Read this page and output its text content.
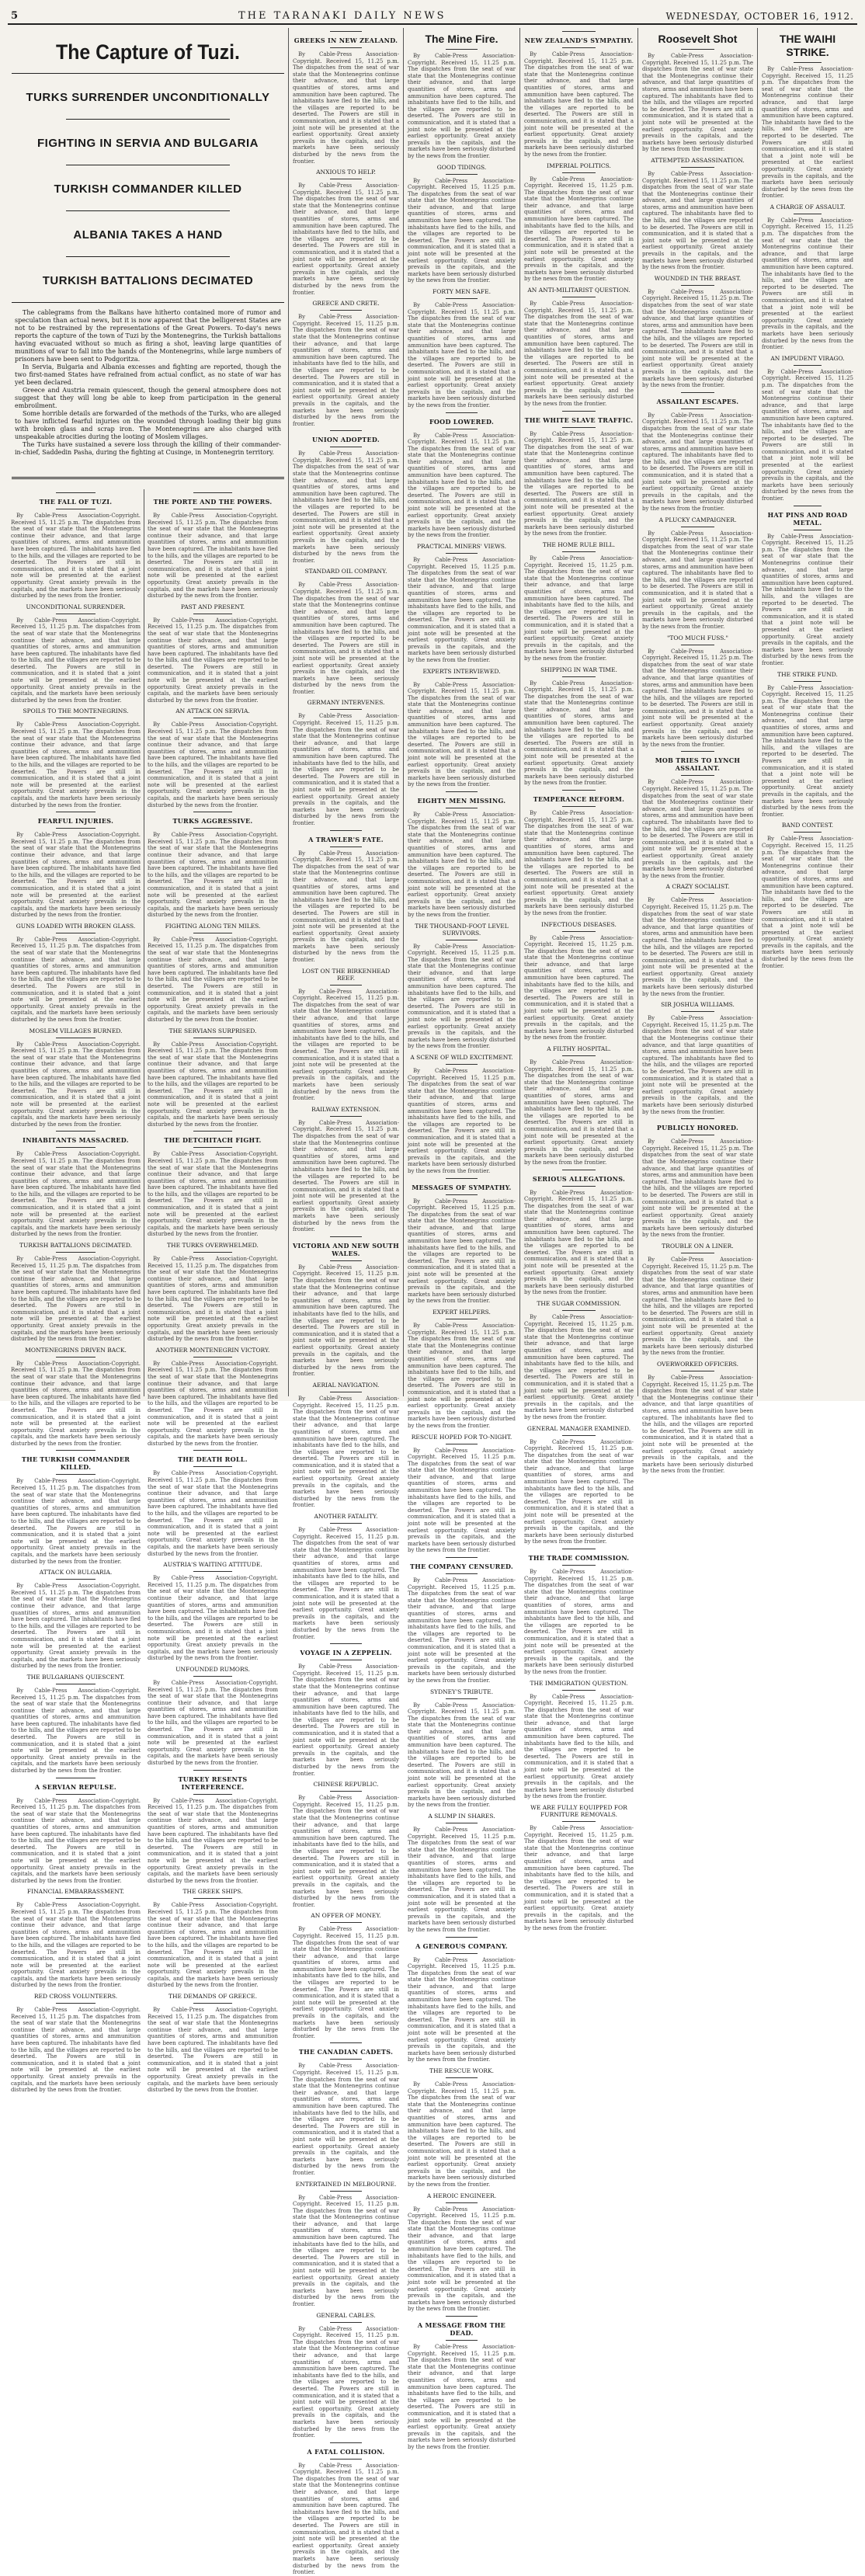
5	THE TARANAKI DAILY NEWS	WEDNESDAY, OCTOBER 16, 1912.
The Capture of Tuzi.
TURKS SURRENDER UNCONDITIONALLY
FIGHTING IN SERVIA AND BULGARIA
TURKISH COMMANDER KILLED
ALBANIA TAKES A HAND
TURKISH BATTALIONS DECIMATED

The cablegrams from the Balkans have hitherto contained more of rumor and speculation than actual news, but it is now apparent that the belligerent States are not to be restrained by the representations of the Great Powers. To-day's news reports the capture of the town of Tuzi by the Montenegrins, the Turkish battalions having evacuated without so much as firing a shot, leaving large quantities of munitions of war to fall into the hands of the Montenegrins, while large numbers of prisoners have been sent to Podgoritza.

In Servia, Bulgaria and Albania excesses and fighting are reported, though the two first-named States have refrained from actual conflict, as no state of war has yet been declared.

Greece and Austria remain quiescent, though the general atmosphere does not suggest that they will long be able to keep from participation in the general embroilment.

Some horrible details are forwarded of the methods of the Turks, who are alleged to have inflicted fearful injuries on the wounded through loading their big guns with broken glass and scrap iron. The Montenegrins are also charged with unspeakable atrocities during the looting of Moslem villages.

The Turks have sustained a severe loss through the killing of their commander-in-chief, Saddedin Pasha, during the fighting at Cusinge, in Montenegrin territory.

THE FALL OF TUZI.

By Cable-Press Association-Copyright. Received 15, 11.25 p.m. The dispatches from the seat of war state that the Montenegrins continue their advance, and that large quantities of stores, arms and ammunition have been captured. The inhabitants have fled to the hills, and the villages are reported to be deserted. The Powers are still in communication, and it is stated that a joint note will be presented at the earliest opportunity. Great anxiety prevails in the capitals, and the markets have been seriously disturbed by the news from the frontier.

UNCONDITIONAL SURRENDER.

By Cable-Press Association-Copyright. Received 15, 11.25 p.m. The dispatches from the seat of war state that the Montenegrins continue their advance, and that large quantities of stores, arms and ammunition have been captured. The inhabitants have fled to the hills, and the villages are reported to be deserted. The Powers are still in communication, and it is stated that a joint note will be presented at the earliest opportunity. Great anxiety prevails in the capitals, and the markets have been seriously disturbed by the news from the frontier.

SPOILS TO THE MONTENEGRINS.

By Cable-Press Association-Copyright. Received 15, 11.25 p.m. The dispatches from the seat of war state that the Montenegrins continue their advance, and that large quantities of stores, arms and ammunition have been captured. The inhabitants have fled to the hills, and the villages are reported to be deserted. The Powers are still in communication, and it is stated that a joint note will be presented at the earliest opportunity. Great anxiety prevails in the capitals, and the markets have been seriously disturbed by the news from the frontier.

FEARFUL INJURIES.

By Cable-Press Association-Copyright. Received 15, 11.25 p.m. The dispatches from the seat of war state that the Montenegrins continue their advance, and that large quantities of stores, arms and ammunition have been captured. The inhabitants have fled to the hills, and the villages are reported to be deserted. The Powers are still in communication, and it is stated that a joint note will be presented at the earliest opportunity. Great anxiety prevails in the capitals, and the markets have been seriously disturbed by the news from the frontier.

GUNS LOADED WITH BROKEN GLASS.

By Cable-Press Association-Copyright. Received 15, 11.25 p.m. The dispatches from the seat of war state that the Montenegrins continue their advance, and that large quantities of stores, arms and ammunition have been captured. The inhabitants have fled to the hills, and the villages are reported to be deserted. The Powers are still in communication, and it is stated that a joint note will be presented at the earliest opportunity. Great anxiety prevails in the capitals, and the markets have been seriously disturbed by the news from the frontier.

MOSLEM VILLAGES BURNED.

By Cable-Press Association-Copyright. Received 15, 11.25 p.m. The dispatches from the seat of war state that the Montenegrins continue their advance, and that large quantities of stores, arms and ammunition have been captured. The inhabitants have fled to the hills, and the villages are reported to be deserted. The Powers are still in communication, and it is stated that a joint note will be presented at the earliest opportunity. Great anxiety prevails in the capitals, and the markets have been seriously disturbed by the news from the frontier.

INHABITANTS MASSACRED.

By Cable-Press Association-Copyright. Received 15, 11.25 p.m. The dispatches from the seat of war state that the Montenegrins continue their advance, and that large quantities of stores, arms and ammunition have been captured. The inhabitants have fled to the hills, and the villages are reported to be deserted. The Powers are still in communication, and it is stated that a joint note will be presented at the earliest opportunity. Great anxiety prevails in the capitals, and the markets have been seriously disturbed by the news from the frontier.

TURKISH BATTALIONS DECIMATED.

By Cable-Press Association-Copyright. Received 15, 11.25 p.m. The dispatches from the seat of war state that the Montenegrins continue their advance, and that large quantities of stores, arms and ammunition have been captured. The inhabitants have fled to the hills, and the villages are reported to be deserted. The Powers are still in communication, and it is stated that a joint note will be presented at the earliest opportunity. Great anxiety prevails in the capitals, and the markets have been seriously disturbed by the news from the frontier.

MONTENEGRINS DRIVEN BACK.

By Cable-Press Association-Copyright. Received 15, 11.25 p.m. The dispatches from the seat of war state that the Montenegrins continue their advance, and that large quantities of stores, arms and ammunition have been captured. The inhabitants have fled to the hills, and the villages are reported to be deserted. The Powers are still in communication, and it is stated that a joint note will be presented at the earliest opportunity. Great anxiety prevails in the capitals, and the markets have been seriously disturbed by the news from the frontier.

THE TURKISH COMMANDER KILLED.

By Cable-Press Association-Copyright. Received 15, 11.25 p.m. The dispatches from the seat of war state that the Montenegrins continue their advance, and that large quantities of stores, arms and ammunition have been captured. The inhabitants have fled to the hills, and the villages are reported to be deserted. The Powers are still in communication, and it is stated that a joint note will be presented at the earliest opportunity. Great anxiety prevails in the capitals, and the markets have been seriously disturbed by the news from the frontier.

ATTACK ON BULGARIA.

By Cable-Press Association-Copyright. Received 15, 11.25 p.m. The dispatches from the seat of war state that the Montenegrins continue their advance, and that large quantities of stores, arms and ammunition have been captured. The inhabitants have fled to the hills, and the villages are reported to be deserted. The Powers are still in communication, and it is stated that a joint note will be presented at the earliest opportunity. Great anxiety prevails in the capitals, and the markets have been seriously disturbed by the news from the frontier.

THE BULGARIANS QUIESCENT.

By Cable-Press Association-Copyright. Received 15, 11.25 p.m. The dispatches from the seat of war state that the Montenegrins continue their advance, and that large quantities of stores, arms and ammunition have been captured. The inhabitants have fled to the hills, and the villages are reported to be deserted. The Powers are still in communication, and it is stated that a joint note will be presented at the earliest opportunity. Great anxiety prevails in the capitals, and the markets have been seriously disturbed by the news from the frontier.

A SERVIAN REPULSE.

By Cable-Press Association-Copyright. Received 15, 11.25 p.m. The dispatches from the seat of war state that the Montenegrins continue their advance, and that large quantities of stores, arms and ammunition have been captured. The inhabitants have fled to the hills, and the villages are reported to be deserted. The Powers are still in communication, and it is stated that a joint note will be presented at the earliest opportunity. Great anxiety prevails in the capitals, and the markets have been seriously disturbed by the news from the frontier.

FINANCIAL EMBARRASSMENT.

By Cable-Press Association-Copyright. Received 15, 11.25 p.m. The dispatches from the seat of war state that the Montenegrins continue their advance, and that large quantities of stores, arms and ammunition have been captured. The inhabitants have fled to the hills, and the villages are reported to be deserted. The Powers are still in communication, and it is stated that a joint note will be presented at the earliest opportunity. Great anxiety prevails in the capitals, and the markets have been seriously disturbed by the news from the frontier.

RED CROSS VOLUNTEERS.

By Cable-Press Association-Copyright. Received 15, 11.25 p.m. The dispatches from the seat of war state that the Montenegrins continue their advance, and that large quantities of stores, arms and ammunition have been captured. The inhabitants have fled to the hills, and the villages are reported to be deserted. The Powers are still in communication, and it is stated that a joint note will be presented at the earliest opportunity. Great anxiety prevails in the capitals, and the markets have been seriously disturbed by the news from the frontier.

THE PORTE AND THE POWERS.

By Cable-Press Association-Copyright. Received 15, 11.25 p.m. The dispatches from the seat of war state that the Montenegrins continue their advance, and that large quantities of stores, arms and ammunition have been captured. The inhabitants have fled to the hills, and the villages are reported to be deserted. The Powers are still in communication, and it is stated that a joint note will be presented at the earliest opportunity. Great anxiety prevails in the capitals, and the markets have been seriously disturbed by the news from the frontier.

PAST AND PRESENT.

By Cable-Press Association-Copyright. Received 15, 11.25 p.m. The dispatches from the seat of war state that the Montenegrins continue their advance, and that large quantities of stores, arms and ammunition have been captured. The inhabitants have fled to the hills, and the villages are reported to be deserted. The Powers are still in communication, and it is stated that a joint note will be presented at the earliest opportunity. Great anxiety prevails in the capitals, and the markets have been seriously disturbed by the news from the frontier.

AN ATTACK ON SERVIA.

By Cable-Press Association-Copyright. Received 15, 11.25 p.m. The dispatches from the seat of war state that the Montenegrins continue their advance, and that large quantities of stores, arms and ammunition have been captured. The inhabitants have fled to the hills, and the villages are reported to be deserted. The Powers are still in communication, and it is stated that a joint note will be presented at the earliest opportunity. Great anxiety prevails in the capitals, and the markets have been seriously disturbed by the news from the frontier.

TURKS AGGRESSIVE.

By Cable-Press Association-Copyright. Received 15, 11.25 p.m. The dispatches from the seat of war state that the Montenegrins continue their advance, and that large quantities of stores, arms and ammunition have been captured. The inhabitants have fled to the hills, and the villages are reported to be deserted. The Powers are still in communication, and it is stated that a joint note will be presented at the earliest opportunity. Great anxiety prevails in the capitals, and the markets have been seriously disturbed by the news from the frontier.

FIGHTING ALONG TEN MILES.

By Cable-Press Association-Copyright. Received 15, 11.25 p.m. The dispatches from the seat of war state that the Montenegrins continue their advance, and that large quantities of stores, arms and ammunition have been captured. The inhabitants have fled to the hills, and the villages are reported to be deserted. The Powers are still in communication, and it is stated that a joint note will be presented at the earliest opportunity. Great anxiety prevails in the capitals, and the markets have been seriously disturbed by the news from the frontier.

THE SERVIANS SURPRISED.

By Cable-Press Association-Copyright. Received 15, 11.25 p.m. The dispatches from the seat of war state that the Montenegrins continue their advance, and that large quantities of stores, arms and ammunition have been captured. The inhabitants have fled to the hills, and the villages are reported to be deserted. The Powers are still in communication, and it is stated that a joint note will be presented at the earliest opportunity. Great anxiety prevails in the capitals, and the markets have been seriously disturbed by the news from the frontier.

THE DETCHITACH FIGHT.

By Cable-Press Association-Copyright. Received 15, 11.25 p.m. The dispatches from the seat of war state that the Montenegrins continue their advance, and that large quantities of stores, arms and ammunition have been captured. The inhabitants have fled to the hills, and the villages are reported to be deserted. The Powers are still in communication, and it is stated that a joint note will be presented at the earliest opportunity. Great anxiety prevails in the capitals, and the markets have been seriously disturbed by the news from the frontier.

THE TURKS OVERWHELMED.

By Cable-Press Association-Copyright. Received 15, 11.25 p.m. The dispatches from the seat of war state that the Montenegrins continue their advance, and that large quantities of stores, arms and ammunition have been captured. The inhabitants have fled to the hills, and the villages are reported to be deserted. The Powers are still in communication, and it is stated that a joint note will be presented at the earliest opportunity. Great anxiety prevails in the capitals, and the markets have been seriously disturbed by the news from the frontier.

ANOTHER MONTENEGRIN VICTORY.

By Cable-Press Association-Copyright. Received 15, 11.25 p.m. The dispatches from the seat of war state that the Montenegrins continue their advance, and that large quantities of stores, arms and ammunition have been captured. The inhabitants have fled to the hills, and the villages are reported to be deserted. The Powers are still in communication, and it is stated that a joint note will be presented at the earliest opportunity. Great anxiety prevails in the capitals, and the markets have been seriously disturbed by the news from the frontier.

THE DEATH ROLL.

By Cable-Press Association-Copyright. Received 15, 11.25 p.m. The dispatches from the seat of war state that the Montenegrins continue their advance, and that large quantities of stores, arms and ammunition have been captured. The inhabitants have fled to the hills, and the villages are reported to be deserted. The Powers are still in communication, and it is stated that a joint note will be presented at the earliest opportunity. Great anxiety prevails in the capitals, and the markets have been seriously disturbed by the news from the frontier.

AUSTRIA'S WAITING ATTITUDE.

By Cable-Press Association-Copyright. Received 15, 11.25 p.m. The dispatches from the seat of war state that the Montenegrins continue their advance, and that large quantities of stores, arms and ammunition have been captured. The inhabitants have fled to the hills, and the villages are reported to be deserted. The Powers are still in communication, and it is stated that a joint note will be presented at the earliest opportunity. Great anxiety prevails in the capitals, and the markets have been seriously disturbed by the news from the frontier.

UNFOUNDED RUMORS.

By Cable-Press Association-Copyright. Received 15, 11.25 p.m. The dispatches from the seat of war state that the Montenegrins continue their advance, and that large quantities of stores, arms and ammunition have been captured. The inhabitants have fled to the hills, and the villages are reported to be deserted. The Powers are still in communication, and it is stated that a joint note will be presented at the earliest opportunity. Great anxiety prevails in the capitals, and the markets have been seriously disturbed by the news from the frontier.

TURKEY RESENTS INTERFERENCE.

By Cable-Press Association-Copyright. Received 15, 11.25 p.m. The dispatches from the seat of war state that the Montenegrins continue their advance, and that large quantities of stores, arms and ammunition have been captured. The inhabitants have fled to the hills, and the villages are reported to be deserted. The Powers are still in communication, and it is stated that a joint note will be presented at the earliest opportunity. Great anxiety prevails in the capitals, and the markets have been seriously disturbed by the news from the frontier.

THE GREEK SHIPS.

By Cable-Press Association-Copyright. Received 15, 11.25 p.m. The dispatches from the seat of war state that the Montenegrins continue their advance, and that large quantities of stores, arms and ammunition have been captured. The inhabitants have fled to the hills, and the villages are reported to be deserted. The Powers are still in communication, and it is stated that a joint note will be presented at the earliest opportunity. Great anxiety prevails in the capitals, and the markets have been seriously disturbed by the news from the frontier.

THE DEMANDS OF GREECE.

By Cable-Press Association-Copyright. Received 15, 11.25 p.m. The dispatches from the seat of war state that the Montenegrins continue their advance, and that large quantities of stores, arms and ammunition have been captured. The inhabitants have fled to the hills, and the villages are reported to be deserted. The Powers are still in communication, and it is stated that a joint note will be presented at the earliest opportunity. Great anxiety prevails in the capitals, and the markets have been seriously disturbed by the news from the frontier.

GREEKS IN NEW ZEALAND.

By Cable-Press Association-Copyright. Received 15, 11.25 p.m. The dispatches from the seat of war state that the Montenegrins continue their advance, and that large quantities of stores, arms and ammunition have been captured. The inhabitants have fled to the hills, and the villages are reported to be deserted. The Powers are still in communication, and it is stated that a joint note will be presented at the earliest opportunity. Great anxiety prevails in the capitals, and the markets have been seriously disturbed by the news from the frontier.

ANXIOUS TO HELP.

By Cable-Press Association-Copyright. Received 15, 11.25 p.m. The dispatches from the seat of war state that the Montenegrins continue their advance, and that large quantities of stores, arms and ammunition have been captured. The inhabitants have fled to the hills, and the villages are reported to be deserted. The Powers are still in communication, and it is stated that a joint note will be presented at the earliest opportunity. Great anxiety prevails in the capitals, and the markets have been seriously disturbed by the news from the frontier.

GREECE AND CRETE.

By Cable-Press Association-Copyright. Received 15, 11.25 p.m. The dispatches from the seat of war state that the Montenegrins continue their advance, and that large quantities of stores, arms and ammunition have been captured. The inhabitants have fled to the hills, and the villages are reported to be deserted. The Powers are still in communication, and it is stated that a joint note will be presented at the earliest opportunity. Great anxiety prevails in the capitals, and the markets have been seriously disturbed by the news from the frontier.

UNION ADOPTED.

By Cable-Press Association-Copyright. Received 15, 11.25 p.m. The dispatches from the seat of war state that the Montenegrins continue their advance, and that large quantities of stores, arms and ammunition have been captured. The inhabitants have fled to the hills, and the villages are reported to be deserted. The Powers are still in communication, and it is stated that a joint note will be presented at the earliest opportunity. Great anxiety prevails in the capitals, and the markets have been seriously disturbed by the news from the frontier.

STANDARD OIL COMPANY.

By Cable-Press Association-Copyright. Received 15, 11.25 p.m. The dispatches from the seat of war state that the Montenegrins continue their advance, and that large quantities of stores, arms and ammunition have been captured. The inhabitants have fled to the hills, and the villages are reported to be deserted. The Powers are still in communication, and it is stated that a joint note will be presented at the earliest opportunity. Great anxiety prevails in the capitals, and the markets have been seriously disturbed by the news from the frontier.

GERMANY INTERVENES.

By Cable-Press Association-Copyright. Received 15, 11.25 p.m. The dispatches from the seat of war state that the Montenegrins continue their advance, and that large quantities of stores, arms and ammunition have been captured. The inhabitants have fled to the hills, and the villages are reported to be deserted. The Powers are still in communication, and it is stated that a joint note will be presented at the earliest opportunity. Great anxiety prevails in the capitals, and the markets have been seriously disturbed by the news from the frontier.

A TRAWLER'S FATE.

By Cable-Press Association-Copyright. Received 15, 11.25 p.m. The dispatches from the seat of war state that the Montenegrins continue their advance, and that large quantities of stores, arms and ammunition have been captured. The inhabitants have fled to the hills, and the villages are reported to be deserted. The Powers are still in communication, and it is stated that a joint note will be presented at the earliest opportunity. Great anxiety prevails in the capitals, and the markets have been seriously disturbed by the news from the frontier.

LOST ON THE BIRKENHEAD REEF.

By Cable-Press Association-Copyright. Received 15, 11.25 p.m. The dispatches from the seat of war state that the Montenegrins continue their advance, and that large quantities of stores, arms and ammunition have been captured. The inhabitants have fled to the hills, and the villages are reported to be deserted. The Powers are still in communication, and it is stated that a joint note will be presented at the earliest opportunity. Great anxiety prevails in the capitals, and the markets have been seriously disturbed by the news from the frontier.

RAILWAY EXTENSION.

By Cable-Press Association-Copyright. Received 15, 11.25 p.m. The dispatches from the seat of war state that the Montenegrins continue their advance, and that large quantities of stores, arms and ammunition have been captured. The inhabitants have fled to the hills, and the villages are reported to be deserted. The Powers are still in communication, and it is stated that a joint note will be presented at the earliest opportunity. Great anxiety prevails in the capitals, and the markets have been seriously disturbed by the news from the frontier.

VICTORIA AND NEW SOUTH WALES.

By Cable-Press Association-Copyright. Received 15, 11.25 p.m. The dispatches from the seat of war state that the Montenegrins continue their advance, and that large quantities of stores, arms and ammunition have been captured. The inhabitants have fled to the hills, and the villages are reported to be deserted. The Powers are still in communication, and it is stated that a joint note will be presented at the earliest opportunity. Great anxiety prevails in the capitals, and the markets have been seriously disturbed by the news from the frontier.

AERIAL NAVIGATION.

By Cable-Press Association-Copyright. Received 15, 11.25 p.m. The dispatches from the seat of war state that the Montenegrins continue their advance, and that large quantities of stores, arms and ammunition have been captured. The inhabitants have fled to the hills, and the villages are reported to be deserted. The Powers are still in communication, and it is stated that a joint note will be presented at the earliest opportunity. Great anxiety prevails in the capitals, and the markets have been seriously disturbed by the news from the frontier.

ANOTHER FATALITY.

By Cable-Press Association-Copyright. Received 15, 11.25 p.m. The dispatches from the seat of war state that the Montenegrins continue their advance, and that large quantities of stores, arms and ammunition have been captured. The inhabitants have fled to the hills, and the villages are reported to be deserted. The Powers are still in communication, and it is stated that a joint note will be presented at the earliest opportunity. Great anxiety prevails in the capitals, and the markets have been seriously disturbed by the news from the frontier.

VOYAGE IN A ZEPPELIN.

By Cable-Press Association-Copyright. Received 15, 11.25 p.m. The dispatches from the seat of war state that the Montenegrins continue their advance, and that large quantities of stores, arms and ammunition have been captured. The inhabitants have fled to the hills, and the villages are reported to be deserted. The Powers are still in communication, and it is stated that a joint note will be presented at the earliest opportunity. Great anxiety prevails in the capitals, and the markets have been seriously disturbed by the news from the frontier.

CHINESE REPUBLIC.

By Cable-Press Association-Copyright. Received 15, 11.25 p.m. The dispatches from the seat of war state that the Montenegrins continue their advance, and that large quantities of stores, arms and ammunition have been captured. The inhabitants have fled to the hills, and the villages are reported to be deserted. The Powers are still in communication, and it is stated that a joint note will be presented at the earliest opportunity. Great anxiety prevails in the capitals, and the markets have been seriously disturbed by the news from the frontier.

AN OFFER OF MONEY.

By Cable-Press Association-Copyright. Received 15, 11.25 p.m. The dispatches from the seat of war state that the Montenegrins continue their advance, and that large quantities of stores, arms and ammunition have been captured. The inhabitants have fled to the hills, and the villages are reported to be deserted. The Powers are still in communication, and it is stated that a joint note will be presented at the earliest opportunity. Great anxiety prevails in the capitals, and the markets have been seriously disturbed by the news from the frontier.

THE CANADIAN CADETS.

By Cable-Press Association-Copyright. Received 15, 11.25 p.m. The dispatches from the seat of war state that the Montenegrins continue their advance, and that large quantities of stores, arms and ammunition have been captured. The inhabitants have fled to the hills, and the villages are reported to be deserted. The Powers are still in communication, and it is stated that a joint note will be presented at the earliest opportunity. Great anxiety prevails in the capitals, and the markets have been seriously disturbed by the news from the frontier.

ENTERTAINED IN MELBOURNE.

By Cable-Press Association-Copyright. Received 15, 11.25 p.m. The dispatches from the seat of war state that the Montenegrins continue their advance, and that large quantities of stores, arms and ammunition have been captured. The inhabitants have fled to the hills, and the villages are reported to be deserted. The Powers are still in communication, and it is stated that a joint note will be presented at the earliest opportunity. Great anxiety prevails in the capitals, and the markets have been seriously disturbed by the news from the frontier.

GENERAL CABLES.

By Cable-Press Association-Copyright. Received 15, 11.25 p.m. The dispatches from the seat of war state that the Montenegrins continue their advance, and that large quantities of stores, arms and ammunition have been captured. The inhabitants have fled to the hills, and the villages are reported to be deserted. The Powers are still in communication, and it is stated that a joint note will be presented at the earliest opportunity. Great anxiety prevails in the capitals, and the markets have been seriously disturbed by the news from the frontier.

A FATAL COLLISION.

By Cable-Press Association-Copyright. Received 15, 11.25 p.m. The dispatches from the seat of war state that the Montenegrins continue their advance, and that large quantities of stores, arms and ammunition have been captured. The inhabitants have fled to the hills, and the villages are reported to be deserted. The Powers are still in communication, and it is stated that a joint note will be presented at the earliest opportunity. Great anxiety prevails in the capitals, and the markets have been seriously disturbed by the news from the frontier.

The Mine Fire.

By Cable-Press Association-Copyright. Received 15, 11.25 p.m. The dispatches from the seat of war state that the Montenegrins continue their advance, and that large quantities of stores, arms and ammunition have been captured. The inhabitants have fled to the hills, and the villages are reported to be deserted. The Powers are still in communication, and it is stated that a joint note will be presented at the earliest opportunity. Great anxiety prevails in the capitals, and the markets have been seriously disturbed by the news from the frontier.

GOOD TIDINGS.

By Cable-Press Association-Copyright. Received 15, 11.25 p.m. The dispatches from the seat of war state that the Montenegrins continue their advance, and that large quantities of stores, arms and ammunition have been captured. The inhabitants have fled to the hills, and the villages are reported to be deserted. The Powers are still in communication, and it is stated that a joint note will be presented at the earliest opportunity. Great anxiety prevails in the capitals, and the markets have been seriously disturbed by the news from the frontier.

FORTY MEN SAFE.

By Cable-Press Association-Copyright. Received 15, 11.25 p.m. The dispatches from the seat of war state that the Montenegrins continue their advance, and that large quantities of stores, arms and ammunition have been captured. The inhabitants have fled to the hills, and the villages are reported to be deserted. The Powers are still in communication, and it is stated that a joint note will be presented at the earliest opportunity. Great anxiety prevails in the capitals, and the markets have been seriously disturbed by the news from the frontier.

FOOD LOWERED.

By Cable-Press Association-Copyright. Received 15, 11.25 p.m. The dispatches from the seat of war state that the Montenegrins continue their advance, and that large quantities of stores, arms and ammunition have been captured. The inhabitants have fled to the hills, and the villages are reported to be deserted. The Powers are still in communication, and it is stated that a joint note will be presented at the earliest opportunity. Great anxiety prevails in the capitals, and the markets have been seriously disturbed by the news from the frontier.

PRACTICAL MINERS' VIEWS.

By Cable-Press Association-Copyright. Received 15, 11.25 p.m. The dispatches from the seat of war state that the Montenegrins continue their advance, and that large quantities of stores, arms and ammunition have been captured. The inhabitants have fled to the hills, and the villages are reported to be deserted. The Powers are still in communication, and it is stated that a joint note will be presented at the earliest opportunity. Great anxiety prevails in the capitals, and the markets have been seriously disturbed by the news from the frontier.

EXPERTS INTERVIEWED.

By Cable-Press Association-Copyright. Received 15, 11.25 p.m. The dispatches from the seat of war state that the Montenegrins continue their advance, and that large quantities of stores, arms and ammunition have been captured. The inhabitants have fled to the hills, and the villages are reported to be deserted. The Powers are still in communication, and it is stated that a joint note will be presented at the earliest opportunity. Great anxiety prevails in the capitals, and the markets have been seriously disturbed by the news from the frontier.

EIGHTY MEN MISSING.

By Cable-Press Association-Copyright. Received 15, 11.25 p.m. The dispatches from the seat of war state that the Montenegrins continue their advance, and that large quantities of stores, arms and ammunition have been captured. The inhabitants have fled to the hills, and the villages are reported to be deserted. The Powers are still in communication, and it is stated that a joint note will be presented at the earliest opportunity. Great anxiety prevails in the capitals, and the markets have been seriously disturbed by the news from the frontier.

THE THOUSAND-FOOT LEVEL SURVIVORS.

By Cable-Press Association-Copyright. Received 15, 11.25 p.m. The dispatches from the seat of war state that the Montenegrins continue their advance, and that large quantities of stores, arms and ammunition have been captured. The inhabitants have fled to the hills, and the villages are reported to be deserted. The Powers are still in communication, and it is stated that a joint note will be presented at the earliest opportunity. Great anxiety prevails in the capitals, and the markets have been seriously disturbed by the news from the frontier.

A SCENE OF WILD EXCITEMENT.

By Cable-Press Association-Copyright. Received 15, 11.25 p.m. The dispatches from the seat of war state that the Montenegrins continue their advance, and that large quantities of stores, arms and ammunition have been captured. The inhabitants have fled to the hills, and the villages are reported to be deserted. The Powers are still in communication, and it is stated that a joint note will be presented at the earliest opportunity. Great anxiety prevails in the capitals, and the markets have been seriously disturbed by the news from the frontier.

MESSAGES OF SYMPATHY.

By Cable-Press Association-Copyright. Received 15, 11.25 p.m. The dispatches from the seat of war state that the Montenegrins continue their advance, and that large quantities of stores, arms and ammunition have been captured. The inhabitants have fled to the hills, and the villages are reported to be deserted. The Powers are still in communication, and it is stated that a joint note will be presented at the earliest opportunity. Great anxiety prevails in the capitals, and the markets have been seriously disturbed by the news from the frontier.

EXPERT HELPERS.

By Cable-Press Association-Copyright. Received 15, 11.25 p.m. The dispatches from the seat of war state that the Montenegrins continue their advance, and that large quantities of stores, arms and ammunition have been captured. The inhabitants have fled to the hills, and the villages are reported to be deserted. The Powers are still in communication, and it is stated that a joint note will be presented at the earliest opportunity. Great anxiety prevails in the capitals, and the markets have been seriously disturbed by the news from the frontier.

RESCUE HOPED FOR TO-NIGHT.

By Cable-Press Association-Copyright. Received 15, 11.25 p.m. The dispatches from the seat of war state that the Montenegrins continue their advance, and that large quantities of stores, arms and ammunition have been captured. The inhabitants have fled to the hills, and the villages are reported to be deserted. The Powers are still in communication, and it is stated that a joint note will be presented at the earliest opportunity. Great anxiety prevails in the capitals, and the markets have been seriously disturbed by the news from the frontier.

THE COMPANY CENSURED.

By Cable-Press Association-Copyright. Received 15, 11.25 p.m. The dispatches from the seat of war state that the Montenegrins continue their advance, and that large quantities of stores, arms and ammunition have been captured. The inhabitants have fled to the hills, and the villages are reported to be deserted. The Powers are still in communication, and it is stated that a joint note will be presented at the earliest opportunity. Great anxiety prevails in the capitals, and the markets have been seriously disturbed by the news from the frontier.

SYDNEY'S TRIBUTE.

By Cable-Press Association-Copyright. Received 15, 11.25 p.m. The dispatches from the seat of war state that the Montenegrins continue their advance, and that large quantities of stores, arms and ammunition have been captured. The inhabitants have fled to the hills, and the villages are reported to be deserted. The Powers are still in communication, and it is stated that a joint note will be presented at the earliest opportunity. Great anxiety prevails in the capitals, and the markets have been seriously disturbed by the news from the frontier.

A SLUMP IN SHARES.

By Cable-Press Association-Copyright. Received 15, 11.25 p.m. The dispatches from the seat of war state that the Montenegrins continue their advance, and that large quantities of stores, arms and ammunition have been captured. The inhabitants have fled to the hills, and the villages are reported to be deserted. The Powers are still in communication, and it is stated that a joint note will be presented at the earliest opportunity. Great anxiety prevails in the capitals, and the markets have been seriously disturbed by the news from the frontier.

A GENEROUS COMPANY.

By Cable-Press Association-Copyright. Received 15, 11.25 p.m. The dispatches from the seat of war state that the Montenegrins continue their advance, and that large quantities of stores, arms and ammunition have been captured. The inhabitants have fled to the hills, and the villages are reported to be deserted. The Powers are still in communication, and it is stated that a joint note will be presented at the earliest opportunity. Great anxiety prevails in the capitals, and the markets have been seriously disturbed by the news from the frontier.

THE RESCUE WORK.

By Cable-Press Association-Copyright. Received 15, 11.25 p.m. The dispatches from the seat of war state that the Montenegrins continue their advance, and that large quantities of stores, arms and ammunition have been captured. The inhabitants have fled to the hills, and the villages are reported to be deserted. The Powers are still in communication, and it is stated that a joint note will be presented at the earliest opportunity. Great anxiety prevails in the capitals, and the markets have been seriously disturbed by the news from the frontier.

A HEROIC ENGINEER.

By Cable-Press Association-Copyright. Received 15, 11.25 p.m. The dispatches from the seat of war state that the Montenegrins continue their advance, and that large quantities of stores, arms and ammunition have been captured. The inhabitants have fled to the hills, and the villages are reported to be deserted. The Powers are still in communication, and it is stated that a joint note will be presented at the earliest opportunity. Great anxiety prevails in the capitals, and the markets have been seriously disturbed by the news from the frontier.

A MESSAGE FROM THE DEAD.

By Cable-Press Association-Copyright. Received 15, 11.25 p.m. The dispatches from the seat of war state that the Montenegrins continue their advance, and that large quantities of stores, arms and ammunition have been captured. The inhabitants have fled to the hills, and the villages are reported to be deserted. The Powers are still in communication, and it is stated that a joint note will be presented at the earliest opportunity. Great anxiety prevails in the capitals, and the markets have been seriously disturbed by the news from the frontier.

NEW ZEALAND'S SYMPATHY.

By Cable-Press Association-Copyright. Received 15, 11.25 p.m. The dispatches from the seat of war state that the Montenegrins continue their advance, and that large quantities of stores, arms and ammunition have been captured. The inhabitants have fled to the hills, and the villages are reported to be deserted. The Powers are still in communication, and it is stated that a joint note will be presented at the earliest opportunity. Great anxiety prevails in the capitals, and the markets have been seriously disturbed by the news from the frontier.

IMPERIAL POLITICS.

By Cable-Press Association-Copyright. Received 15, 11.25 p.m. The dispatches from the seat of war state that the Montenegrins continue their advance, and that large quantities of stores, arms and ammunition have been captured. The inhabitants have fled to the hills, and the villages are reported to be deserted. The Powers are still in communication, and it is stated that a joint note will be presented at the earliest opportunity. Great anxiety prevails in the capitals, and the markets have been seriously disturbed by the news from the frontier.

AN ANTI-MILITARIST QUESTION.

By Cable-Press Association-Copyright. Received 15, 11.25 p.m. The dispatches from the seat of war state that the Montenegrins continue their advance, and that large quantities of stores, arms and ammunition have been captured. The inhabitants have fled to the hills, and the villages are reported to be deserted. The Powers are still in communication, and it is stated that a joint note will be presented at the earliest opportunity. Great anxiety prevails in the capitals, and the markets have been seriously disturbed by the news from the frontier.

THE WHITE SLAVE TRAFFIC.

By Cable-Press Association-Copyright. Received 15, 11.25 p.m. The dispatches from the seat of war state that the Montenegrins continue their advance, and that large quantities of stores, arms and ammunition have been captured. The inhabitants have fled to the hills, and the villages are reported to be deserted. The Powers are still in communication, and it is stated that a joint note will be presented at the earliest opportunity. Great anxiety prevails in the capitals, and the markets have been seriously disturbed by the news from the frontier.

THE HOME RULE BILL.

By Cable-Press Association-Copyright. Received 15, 11.25 p.m. The dispatches from the seat of war state that the Montenegrins continue their advance, and that large quantities of stores, arms and ammunition have been captured. The inhabitants have fled to the hills, and the villages are reported to be deserted. The Powers are still in communication, and it is stated that a joint note will be presented at the earliest opportunity. Great anxiety prevails in the capitals, and the markets have been seriously disturbed by the news from the frontier.

SHIPPING IN WAR TIME.

By Cable-Press Association-Copyright. Received 15, 11.25 p.m. The dispatches from the seat of war state that the Montenegrins continue their advance, and that large quantities of stores, arms and ammunition have been captured. The inhabitants have fled to the hills, and the villages are reported to be deserted. The Powers are still in communication, and it is stated that a joint note will be presented at the earliest opportunity. Great anxiety prevails in the capitals, and the markets have been seriously disturbed by the news from the frontier.

TEMPERANCE REFORM.

By Cable-Press Association-Copyright. Received 15, 11.25 p.m. The dispatches from the seat of war state that the Montenegrins continue their advance, and that large quantities of stores, arms and ammunition have been captured. The inhabitants have fled to the hills, and the villages are reported to be deserted. The Powers are still in communication, and it is stated that a joint note will be presented at the earliest opportunity. Great anxiety prevails in the capitals, and the markets have been seriously disturbed by the news from the frontier.

INFECTIOUS DISEASES.

By Cable-Press Association-Copyright. Received 15, 11.25 p.m. The dispatches from the seat of war state that the Montenegrins continue their advance, and that large quantities of stores, arms and ammunition have been captured. The inhabitants have fled to the hills, and the villages are reported to be deserted. The Powers are still in communication, and it is stated that a joint note will be presented at the earliest opportunity. Great anxiety prevails in the capitals, and the markets have been seriously disturbed by the news from the frontier.

A FILTHY HOSPITAL.

By Cable-Press Association-Copyright. Received 15, 11.25 p.m. The dispatches from the seat of war state that the Montenegrins continue their advance, and that large quantities of stores, arms and ammunition have been captured. The inhabitants have fled to the hills, and the villages are reported to be deserted. The Powers are still in communication, and it is stated that a joint note will be presented at the earliest opportunity. Great anxiety prevails in the capitals, and the markets have been seriously disturbed by the news from the frontier.

SERIOUS ALLEGATIONS.

By Cable-Press Association-Copyright. Received 15, 11.25 p.m. The dispatches from the seat of war state that the Montenegrins continue their advance, and that large quantities of stores, arms and ammunition have been captured. The inhabitants have fled to the hills, and the villages are reported to be deserted. The Powers are still in communication, and it is stated that a joint note will be presented at the earliest opportunity. Great anxiety prevails in the capitals, and the markets have been seriously disturbed by the news from the frontier.

THE SUGAR COMMISSION.

By Cable-Press Association-Copyright. Received 15, 11.25 p.m. The dispatches from the seat of war state that the Montenegrins continue their advance, and that large quantities of stores, arms and ammunition have been captured. The inhabitants have fled to the hills, and the villages are reported to be deserted. The Powers are still in communication, and it is stated that a joint note will be presented at the earliest opportunity. Great anxiety prevails in the capitals, and the markets have been seriously disturbed by the news from the frontier.

GENERAL MANAGER EXAMINED.

By Cable-Press Association-Copyright. Received 15, 11.25 p.m. The dispatches from the seat of war state that the Montenegrins continue their advance, and that large quantities of stores, arms and ammunition have been captured. The inhabitants have fled to the hills, and the villages are reported to be deserted. The Powers are still in communication, and it is stated that a joint note will be presented at the earliest opportunity. Great anxiety prevails in the capitals, and the markets have been seriously disturbed by the news from the frontier.

THE TRADE COMMISSION.

By Cable-Press Association-Copyright. Received 15, 11.25 p.m. The dispatches from the seat of war state that the Montenegrins continue their advance, and that large quantities of stores, arms and ammunition have been captured. The inhabitants have fled to the hills, and the villages are reported to be deserted. The Powers are still in communication, and it is stated that a joint note will be presented at the earliest opportunity. Great anxiety prevails in the capitals, and the markets have been seriously disturbed by the news from the frontier.

THE IMMIGRATION QUESTION.

By Cable-Press Association-Copyright. Received 15, 11.25 p.m. The dispatches from the seat of war state that the Montenegrins continue their advance, and that large quantities of stores, arms and ammunition have been captured. The inhabitants have fled to the hills, and the villages are reported to be deserted. The Powers are still in communication, and it is stated that a joint note will be presented at the earliest opportunity. Great anxiety prevails in the capitals, and the markets have been seriously disturbed by the news from the frontier.

WE ARE FULLY EQUIPPED FOR FURNITURE REMOVALS.

By Cable-Press Association-Copyright. Received 15, 11.25 p.m. The dispatches from the seat of war state that the Montenegrins continue their advance, and that large quantities of stores, arms and ammunition have been captured. The inhabitants have fled to the hills, and the villages are reported to be deserted. The Powers are still in communication, and it is stated that a joint note will be presented at the earliest opportunity. Great anxiety prevails in the capitals, and the markets have been seriously disturbed by the news from the frontier.

Roosevelt Shot

By Cable-Press Association-Copyright. Received 15, 11.25 p.m. The dispatches from the seat of war state that the Montenegrins continue their advance, and that large quantities of stores, arms and ammunition have been captured. The inhabitants have fled to the hills, and the villages are reported to be deserted. The Powers are still in communication, and it is stated that a joint note will be presented at the earliest opportunity. Great anxiety prevails in the capitals, and the markets have been seriously disturbed by the news from the frontier.

ATTEMPTED ASSASSINATION.

By Cable-Press Association-Copyright. Received 15, 11.25 p.m. The dispatches from the seat of war state that the Montenegrins continue their advance, and that large quantities of stores, arms and ammunition have been captured. The inhabitants have fled to the hills, and the villages are reported to be deserted. The Powers are still in communication, and it is stated that a joint note will be presented at the earliest opportunity. Great anxiety prevails in the capitals, and the markets have been seriously disturbed by the news from the frontier.

WOUNDED IN THE BREAST.

By Cable-Press Association-Copyright. Received 15, 11.25 p.m. The dispatches from the seat of war state that the Montenegrins continue their advance, and that large quantities of stores, arms and ammunition have been captured. The inhabitants have fled to the hills, and the villages are reported to be deserted. The Powers are still in communication, and it is stated that a joint note will be presented at the earliest opportunity. Great anxiety prevails in the capitals, and the markets have been seriously disturbed by the news from the frontier.

ASSAILANT ESCAPES.

By Cable-Press Association-Copyright. Received 15, 11.25 p.m. The dispatches from the seat of war state that the Montenegrins continue their advance, and that large quantities of stores, arms and ammunition have been captured. The inhabitants have fled to the hills, and the villages are reported to be deserted. The Powers are still in communication, and it is stated that a joint note will be presented at the earliest opportunity. Great anxiety prevails in the capitals, and the markets have been seriously disturbed by the news from the frontier.

A PLUCKY CAMPAIGNER.

By Cable-Press Association-Copyright. Received 15, 11.25 p.m. The dispatches from the seat of war state that the Montenegrins continue their advance, and that large quantities of stores, arms and ammunition have been captured. The inhabitants have fled to the hills, and the villages are reported to be deserted. The Powers are still in communication, and it is stated that a joint note will be presented at the earliest opportunity. Great anxiety prevails in the capitals, and the markets have been seriously disturbed by the news from the frontier.

"TOO MUCH FUSS."

By Cable-Press Association-Copyright. Received 15, 11.25 p.m. The dispatches from the seat of war state that the Montenegrins continue their advance, and that large quantities of stores, arms and ammunition have been captured. The inhabitants have fled to the hills, and the villages are reported to be deserted. The Powers are still in communication, and it is stated that a joint note will be presented at the earliest opportunity. Great anxiety prevails in the capitals, and the markets have been seriously disturbed by the news from the frontier.

MOB TRIES TO LYNCH ASSAILANT.

By Cable-Press Association-Copyright. Received 15, 11.25 p.m. The dispatches from the seat of war state that the Montenegrins continue their advance, and that large quantities of stores, arms and ammunition have been captured. The inhabitants have fled to the hills, and the villages are reported to be deserted. The Powers are still in communication, and it is stated that a joint note will be presented at the earliest opportunity. Great anxiety prevails in the capitals, and the markets have been seriously disturbed by the news from the frontier.

A CRAZY SOCIALIST.

By Cable-Press Association-Copyright. Received 15, 11.25 p.m. The dispatches from the seat of war state that the Montenegrins continue their advance, and that large quantities of stores, arms and ammunition have been captured. The inhabitants have fled to the hills, and the villages are reported to be deserted. The Powers are still in communication, and it is stated that a joint note will be presented at the earliest opportunity. Great anxiety prevails in the capitals, and the markets have been seriously disturbed by the news from the frontier.

SIR JOSHUA WILLIAMS.

By Cable-Press Association-Copyright. Received 15, 11.25 p.m. The dispatches from the seat of war state that the Montenegrins continue their advance, and that large quantities of stores, arms and ammunition have been captured. The inhabitants have fled to the hills, and the villages are reported to be deserted. The Powers are still in communication, and it is stated that a joint note will be presented at the earliest opportunity. Great anxiety prevails in the capitals, and the markets have been seriously disturbed by the news from the frontier.

PUBLICLY HONORED.

By Cable-Press Association-Copyright. Received 15, 11.25 p.m. The dispatches from the seat of war state that the Montenegrins continue their advance, and that large quantities of stores, arms and ammunition have been captured. The inhabitants have fled to the hills, and the villages are reported to be deserted. The Powers are still in communication, and it is stated that a joint note will be presented at the earliest opportunity. Great anxiety prevails in the capitals, and the markets have been seriously disturbed by the news from the frontier.

TROUBLE ON A LINER.

By Cable-Press Association-Copyright. Received 15, 11.25 p.m. The dispatches from the seat of war state that the Montenegrins continue their advance, and that large quantities of stores, arms and ammunition have been captured. The inhabitants have fled to the hills, and the villages are reported to be deserted. The Powers are still in communication, and it is stated that a joint note will be presented at the earliest opportunity. Great anxiety prevails in the capitals, and the markets have been seriously disturbed by the news from the frontier.

OVERWORKED OFFICERS.

By Cable-Press Association-Copyright. Received 15, 11.25 p.m. The dispatches from the seat of war state that the Montenegrins continue their advance, and that large quantities of stores, arms and ammunition have been captured. The inhabitants have fled to the hills, and the villages are reported to be deserted. The Powers are still in communication, and it is stated that a joint note will be presented at the earliest opportunity. Great anxiety prevails in the capitals, and the markets have been seriously disturbed by the news from the frontier.

THE WAIHI STRIKE.

By Cable-Press Association-Copyright. Received 15, 11.25 p.m. The dispatches from the seat of war state that the Montenegrins continue their advance, and that large quantities of stores, arms and ammunition have been captured. The inhabitants have fled to the hills, and the villages are reported to be deserted. The Powers are still in communication, and it is stated that a joint note will be presented at the earliest opportunity. Great anxiety prevails in the capitals, and the markets have been seriously disturbed by the news from the frontier.

A CHARGE OF ASSAULT.

By Cable-Press Association-Copyright. Received 15, 11.25 p.m. The dispatches from the seat of war state that the Montenegrins continue their advance, and that large quantities of stores, arms and ammunition have been captured. The inhabitants have fled to the hills, and the villages are reported to be deserted. The Powers are still in communication, and it is stated that a joint note will be presented at the earliest opportunity. Great anxiety prevails in the capitals, and the markets have been seriously disturbed by the news from the frontier.

AN IMPUDENT VIRAGO.

By Cable-Press Association-Copyright. Received 15, 11.25 p.m. The dispatches from the seat of war state that the Montenegrins continue their advance, and that large quantities of stores, arms and ammunition have been captured. The inhabitants have fled to the hills, and the villages are reported to be deserted. The Powers are still in communication, and it is stated that a joint note will be presented at the earliest opportunity. Great anxiety prevails in the capitals, and the markets have been seriously disturbed by the news from the frontier.

HAT PINS AND ROAD METAL.

By Cable-Press Association-Copyright. Received 15, 11.25 p.m. The dispatches from the seat of war state that the Montenegrins continue their advance, and that large quantities of stores, arms and ammunition have been captured. The inhabitants have fled to the hills, and the villages are reported to be deserted. The Powers are still in communication, and it is stated that a joint note will be presented at the earliest opportunity. Great anxiety prevails in the capitals, and the markets have been seriously disturbed by the news from the frontier.

THE STRIKE FUND.

By Cable-Press Association-Copyright. Received 15, 11.25 p.m. The dispatches from the seat of war state that the Montenegrins continue their advance, and that large quantities of stores, arms and ammunition have been captured. The inhabitants have fled to the hills, and the villages are reported to be deserted. The Powers are still in communication, and it is stated that a joint note will be presented at the earliest opportunity. Great anxiety prevails in the capitals, and the markets have been seriously disturbed by the news from the frontier.

BAND CONTEST.

By Cable-Press Association-Copyright. Received 15, 11.25 p.m. The dispatches from the seat of war state that the Montenegrins continue their advance, and that large quantities of stores, arms and ammunition have been captured. The inhabitants have fled to the hills, and the villages are reported to be deserted. The Powers are still in communication, and it is stated that a joint note will be presented at the earliest opportunity. Great anxiety prevails in the capitals, and the markets have been seriously disturbed by the news from the frontier.
